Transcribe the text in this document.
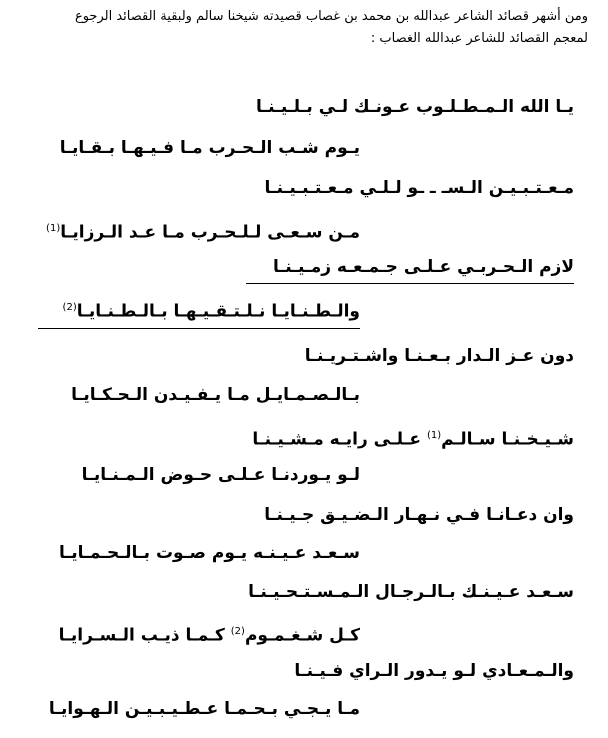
ومن أشهر قصائد الشاعر عبدالله بن محمد بن غصاب قصيدته شيخنا سالم ولبقية القصائد الرجوع
لمعجم القصائد للشاعر عبدالله الغصاب :
يـا الله الـمـطـلـوب عـونـك لـي بـلـيـنـا
يـوم شـب الـحـرب مـا فـيـهـا بـقـايـا
مـعـتـبـيـن الـسـ ـ ـو لـلـي مـعـتـبـيـنـا
مـن سـعـى لـلـحـرب مـا عـد الـرزايـا$^{(1)}$
لازم الـحـربـي عـلـى جـمـعـه زمـيـنـا
والـطـنـايـا نـلـتـقـيـهـا بـالـطـنـايـا$^{(2)}$
دون عـز الـدار بـعـنـا واشـتـريـنـا
بـالـصـمـايـل مـا يـفـيـدن الـحـكـايـا
شـيـخـنـا سـالـم$^{(1)}$ عـلـى رايـه مـشـيـنـا
لـو يـوردنـا عـلـى حـوض الـمـنـايـا
وان دعـانـا فـي نـهـار الـضـيـق جـيـنـا
سـعـد عـيـنـه يـوم صـوت بـالـحـمـايـا
سـعـد عـيـنـك بـالـرجـال الـمـسـتـحـيـنـا
كـل شـغـمـوم$^{(2)}$ كـمـا ذيـب الـسـرايـا
والـمـعـادي لـو يـدور الـراي فـيـنـا
مـا يـجـي بـحـمـا عـطـيـبـيـن الـهـوايـا
